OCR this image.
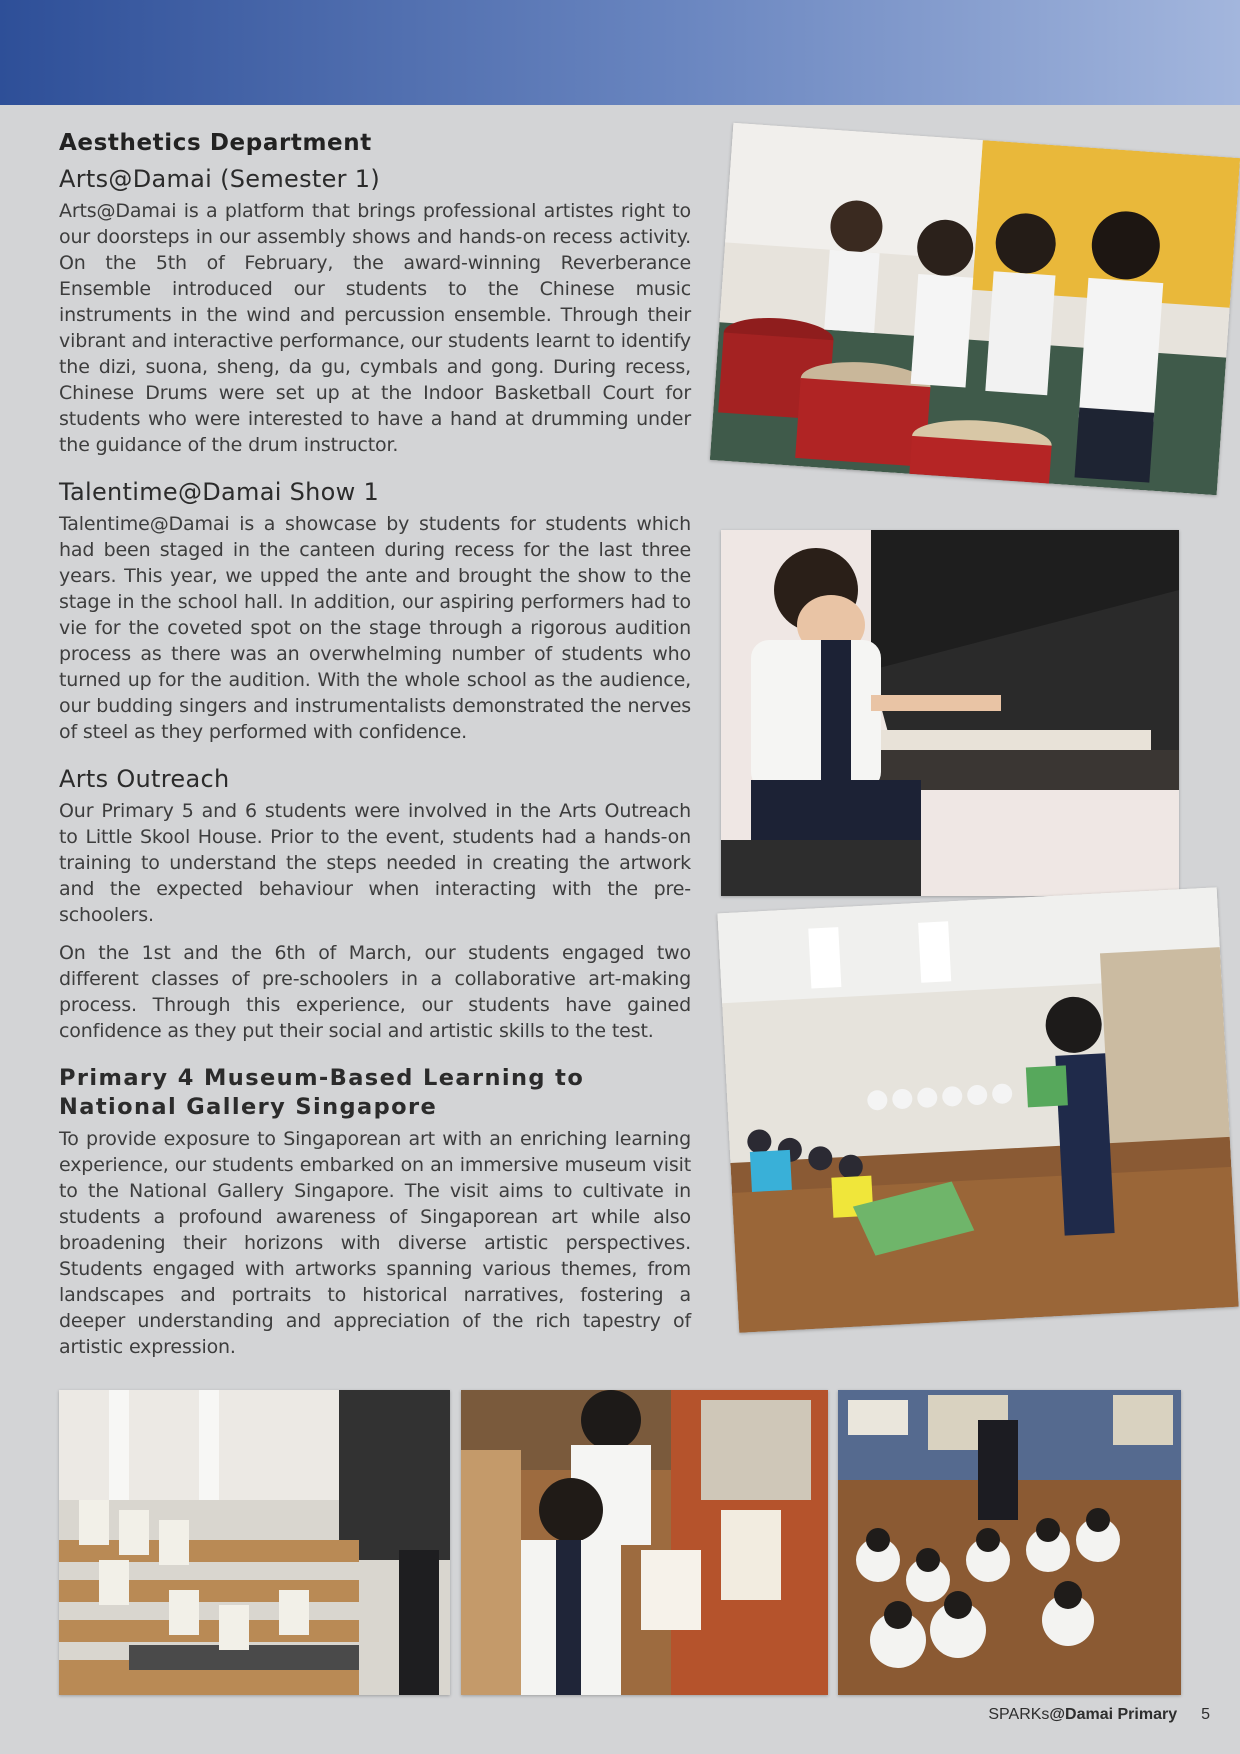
Aesthetics Department
Arts@Damai (Semester 1)

Arts@Damai is a platform that brings professional artistes right to our doorsteps in our assembly shows and hands-on recess activity. On the 5th of February, the award-winning Reverberance Ensemble introduced our students to the Chinese music instruments in the wind and percussion ensemble. Through their vibrant and interactive performance, our students learnt to identify the dizi, suona, sheng, da gu, cymbals and gong. During recess, Chinese Drums were set up at the Indoor Basketball Court for students who were interested to have a hand at drumming under the guidance of the drum instructor.

Talentime@Damai Show 1

Talentime@Damai is a showcase by students for students which had been staged in the canteen during recess for the last three years. This year, we upped the ante and brought the show to the stage in the school hall. In addition, our aspiring performers had to vie for the coveted spot on the stage through a rigorous audition process as there was an overwhelming number of students who turned up for the audition. With the whole school as the audience, our budding singers and instrumentalists demonstrated the nerves of steel as they performed with confidence.

Arts Outreach

Our Primary 5 and 6 students were involved in the Arts Outreach to Little Skool House. Prior to the event, students had a hands-on training to understand the steps needed in creating the artwork and the expected behaviour when interacting with the pre-schoolers.

On the 1st and the 6th of March, our students engaged two different classes of pre-schoolers in a collaborative art-making process. Through this experience, our students have gained confidence as they put their social and artistic skills to the test.

Primary 4 Museum-Based Learning to National Gallery Singapore

To provide exposure to Singaporean art with an enriching learning experience, our students embarked on an immersive museum visit to the National Gallery Singapore. The visit aims to cultivate in students a profound awareness of Singaporean art while also broadening their horizons with diverse artistic perspectives. Students engaged with artworks spanning various themes, from landscapes and portraits to historical narratives, fostering a deeper understanding and appreciation of the rich tapestry of artistic expression.

SPARKs@Damai Primary 5
